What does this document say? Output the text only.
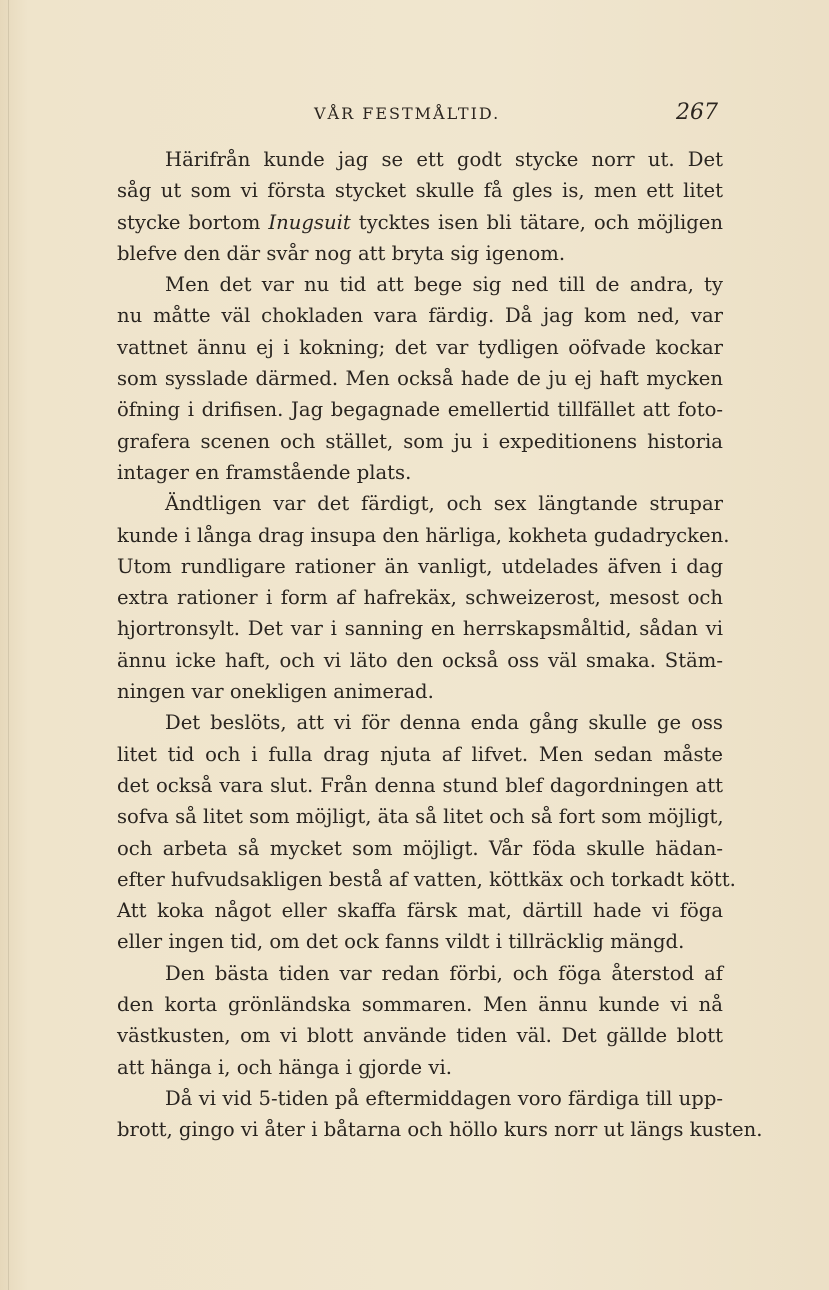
VÅR FESTMÅLTID.	267
Härifrån kunde jag se ett godt stycke norr ut. Det
såg ut som vi första stycket skulle få gles is, men ett litet
stycke bortom Inugsuit tycktes isen bli tätare, och möjligen
blefve den där svår nog att bryta sig igenom.
Men det var nu tid att bege sig ned till de andra, ty
nu måtte väl chokladen vara färdig. Då jag kom ned, var
vattnet ännu ej i kokning; det var tydligen oöfvade kockar
som sysslade därmed. Men också hade de ju ej haft mycken
öfning i drifisen. Jag begagnade emellertid tillfället att foto-
grafera scenen och stället, som ju i expeditionens historia
intager en framstående plats.
Ändtligen var det färdigt, och sex längtande strupar
kunde i långa drag insupa den härliga, kokheta gudadrycken.
Utom rundligare rationer än vanligt, utdelades äfven i dag
extra rationer i form af hafrekäx, schweizerost, mesost och
hjortronsylt. Det var i sanning en herrskapsmåltid, sådan vi
ännu icke haft, och vi läto den också oss väl smaka. Stäm-
ningen var onekligen animerad.
Det beslöts, att vi för denna enda gång skulle ge oss
litet tid och i fulla drag njuta af lifvet. Men sedan måste
det också vara slut. Från denna stund blef dagordningen att
sofva så litet som möjligt, äta så litet och så fort som möjligt,
och arbeta så mycket som möjligt. Vår föda skulle hädan-
efter hufvudsakligen bestå af vatten, köttkäx och torkadt kött.
Att koka något eller skaffa färsk mat, därtill hade vi föga
eller ingen tid, om det ock fanns vildt i tillräcklig mängd.
Den bästa tiden var redan förbi, och föga återstod af
den korta grönländska sommaren. Men ännu kunde vi nå
västkusten, om vi blott använde tiden väl. Det gällde blott
att hänga i, och hänga i gjorde vi.
Då vi vid 5-tiden på eftermiddagen voro färdiga till upp-
brott, gingo vi åter i båtarna och höllo kurs norr ut längs kusten.
